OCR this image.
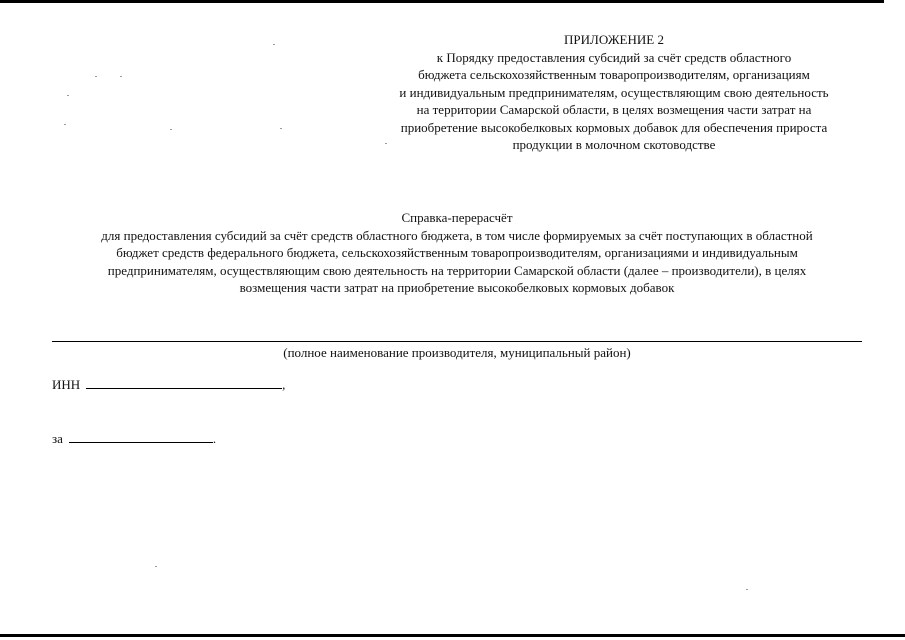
ПРИЛОЖЕНИЕ 2
к Порядку предоставления субсидий за счёт средств областного
бюджета сельскохозяйственным товаропроизводителям, организациям
и индивидуальным предпринимателям, осуществляющим свою деятельность
на территории Самарской области, в целях возмещения части затрат на
приобретение высокобелковых кормовых добавок для обеспечения прироста
продукции в молочном скотоводстве
Справка-перерасчёт
для предоставления субсидий за счёт средств областного бюджета, в том числе формируемых за счёт поступающих в областной
бюджет средств федерального бюджета, сельскохозяйственным товаропроизводителям, организациями и индивидуальным
предпринимателям, осуществляющим свою деятельность на территории Самарской области (далее – производители), в целях
возмещения части затрат на приобретение высокобелковых кормовых добавок
(полное наименование производителя, муниципальный район)
ИНН	,
за	.
